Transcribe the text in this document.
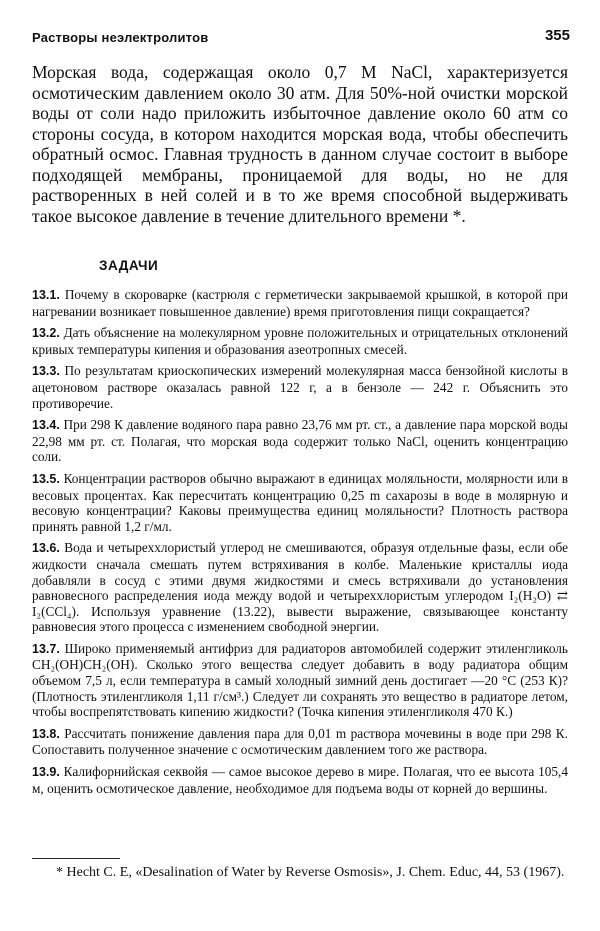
Растворы неэлектролитов	355

Морская вода, содержащая около 0,7 М NaCl, характеризуется осмотическим давлением около 30 атм. Для 50%-ной очистки морской воды от соли надо приложить избыточное давление около 60 атм со стороны сосуда, в котором находится морская вода, чтобы обеспечить обратный осмос. Главная трудность в данном случае состоит в выборе подходящей мембраны, проницаемой для воды, но не для растворенных в ней солей и в то же время способной выдерживать такое высокое давление в течение длительного времени *.

ЗАДАЧИ

13.1. Почему в скороварке (кастрюля с герметически закрываемой крышкой, в которой при нагревании возникает повышенное давление) время приготовления пищи сокращается?

13.2. Дать объяснение на молекулярном уровне положительных и отрицательных отклонений кривых температуры кипения и образования азеотропных смесей.

13.3. По результатам криоскопических измерений молекулярная масса бензойной кислоты в ацетоновом растворе оказалась равной 122 г, а в бензоле — 242 г. Объяснить это противоречие.

13.4. При 298 К давление водяного пара равно 23,76 мм рт. ст., а давление пара морской воды 22,98 мм рт. ст. Полагая, что морская вода содержит только NaCl, оценить концентрацию соли.

13.5. Концентрации растворов обычно выражают в единицах моляльности, молярности или в весовых процентах. Как пересчитать концентрацию 0,25 m сахарозы в воде в молярную и весовую концентрации? Каковы преимущества единиц моляльности? Плотность раствора принять равной 1,2 г/мл.

13.6. Вода и четыреххлористый углерод не смешиваются, образуя отдельные фазы, если обе жидкости сначала смешать путем встряхивания в колбе. Маленькие кристаллы иода добавляли в сосуд с этими двумя жидкостями и смесь встряхивали до установления равновесного распределения иода между водой и четыреххлористым углеродом I₂(H₂O) ⇄ I₂(CCl₄). Используя уравнение (13.22), вывести выражение, связывающее константу равновесия этого процесса с изменением свободной энергии.

13.7. Широко применяемый антифриз для радиаторов автомобилей содержит этиленгликоль CH₂(OH)CH₂(OH). Сколько этого вещества следует добавить в воду радиатора общим объемом 7,5 л, если температура в самый холодный зимний день достигает —20 °С (253 К)? (Плотность этиленгликоля 1,11 г/см³.) Следует ли сохранять это вещество в радиаторе летом, чтобы воспрепятствовать кипению жидкости? (Точка кипения этиленгликоля 470 К.)

13.8. Рассчитать понижение давления пара для 0,01 m раствора мочевины в воде при 298 К. Сопоставить полученное значение с осмотическим давлением того же раствора.

13.9. Калифорнийская секвойя — самое высокое дерево в мире. Полагая, что ее высота 105,4 м, оценить осмотическое давление, необходимое для подъема воды от корней до вершины.

* Hecht C. E, «Desalination of Water by Reverse Osmosis», J. Chem. Educ, 44, 53 (1967).
